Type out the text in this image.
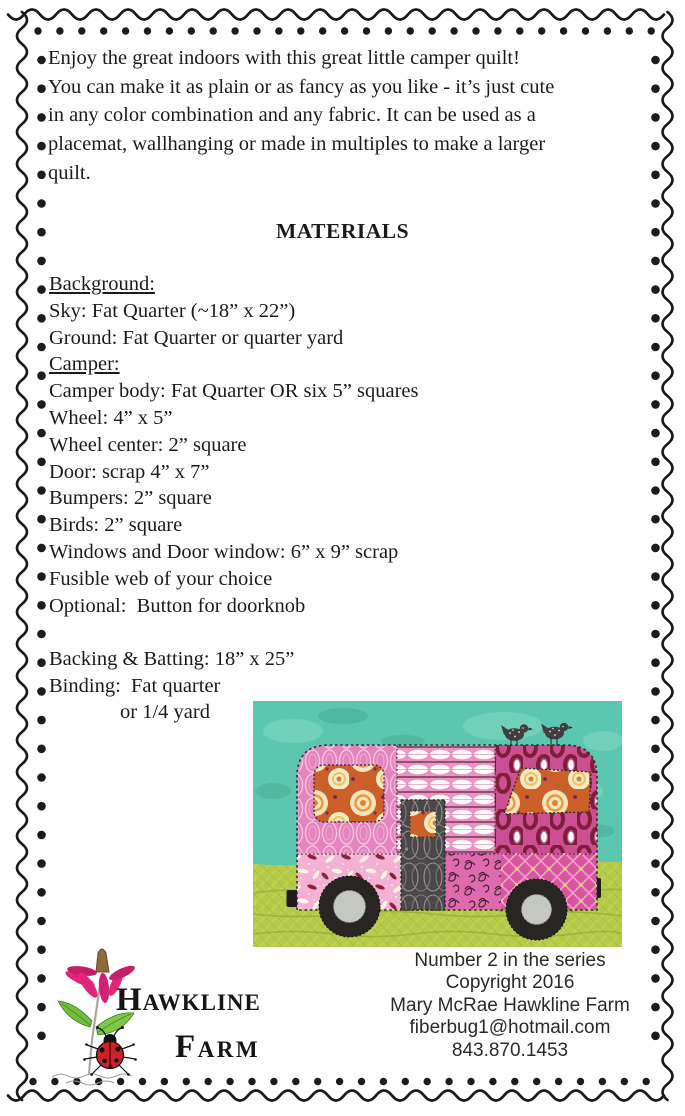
Enjoy the great indoors with this great little camper quilt!
You can make it as plain or as fancy as you like - it’s just cute
in any color combination and any fabric. It can be used as a
placemat, wallhanging or made in multiples to make a larger
quilt.
MATERIALS
Background:
Sky: Fat Quarter (~18” x 22”)
Ground: Fat Quarter or quarter yard
Camper:
Camper body: Fat Quarter OR six 5” squares
Wheel: 4” x 5”
Wheel center: 2” square
Door: scrap 4” x 7”
Bumpers: 2” square
Birds: 2” square
Windows and Door window: 6” x 9” scrap
Fusible web of your choice
Optional:  Button for doorknob
Backing & Batting: 18” x 25”
Binding:  Fat quarter
or 1/4 yard
Hawkline
Farm
Number 2 in the series
Copyright 2016
Mary McRae Hawkline Farm
fiberbug1@hotmail.com
843.870.1453
